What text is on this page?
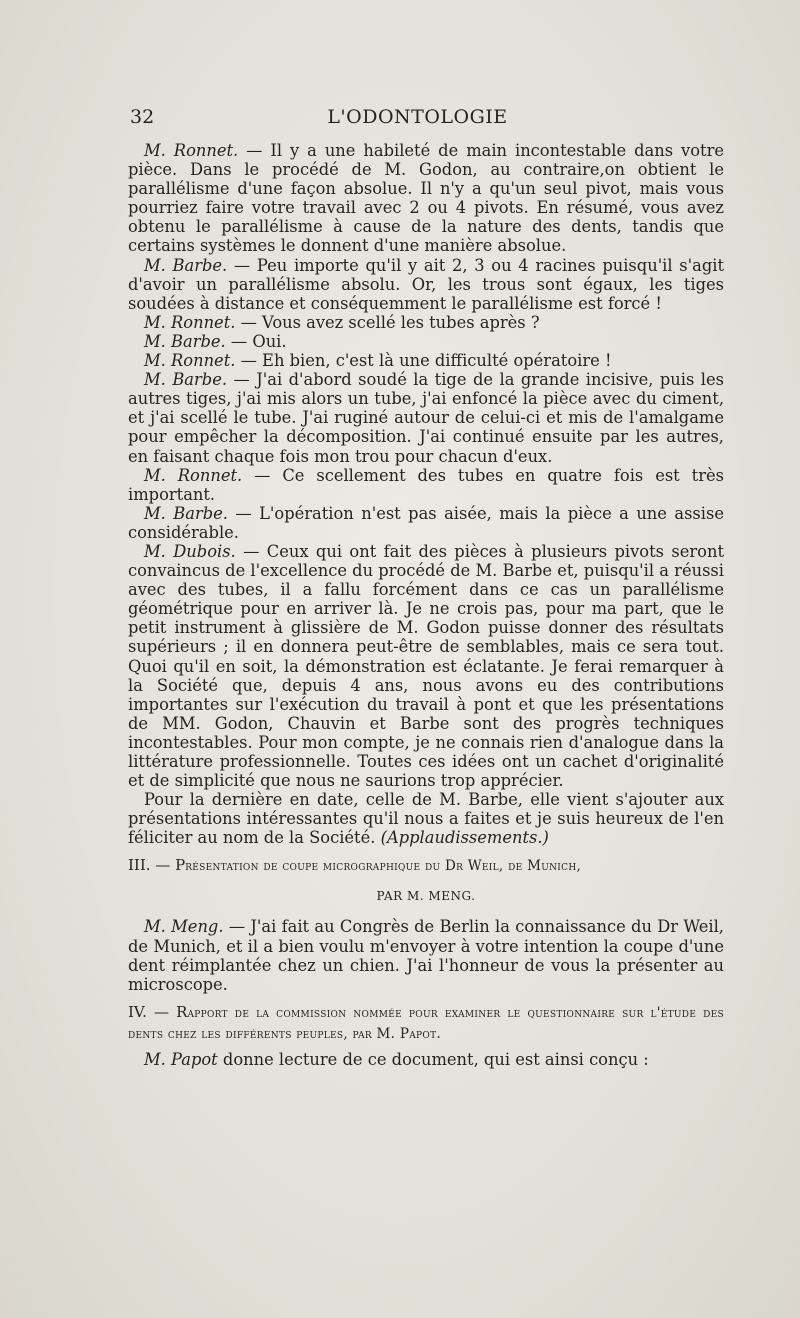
32	L'ODONTOLOGIE

M. Ronnet. — Il y a une habileté de main incontestable dans votre pièce. Dans le procédé de M. Godon, au contraire,on obtient le parallélisme d'une façon absolue. Il n'y a qu'un seul pivot, mais vous pourriez faire votre travail avec 2 ou 4 pivots. En résumé, vous avez obtenu le parallélisme à cause de la nature des dents, tandis que certains systèmes le donnent d'une manière absolue.

M. Barbe. — Peu importe qu'il y ait 2, 3 ou 4 racines puisqu'il s'agit d'avoir un parallélisme absolu. Or, les trous sont égaux, les tiges soudées à distance et conséquemment le parallélisme est forcé !

M. Ronnet. — Vous avez scellé les tubes après ?

M. Barbe. — Oui.

M. Ronnet. — Eh bien, c'est là une difficulté opératoire !

M. Barbe. — J'ai d'abord soudé la tige de la grande incisive, puis les autres tiges, j'ai mis alors un tube, j'ai enfoncé la pièce avec du ciment, et j'ai scellé le tube. J'ai ruginé autour de celui-ci et mis de l'amalgame pour empêcher la décomposition. J'ai continué ensuite par les autres, en faisant chaque fois mon trou pour chacun d'eux.

M. Ronnet. — Ce scellement des tubes en quatre fois est très important.

M. Barbe. — L'opération n'est pas aisée, mais la pièce a une assise considérable.

M. Dubois. — Ceux qui ont fait des pièces à plusieurs pivots seront convaincus de l'excellence du procédé de M. Barbe et, puisqu'il a réussi avec des tubes, il a fallu forcément dans ce cas un parallélisme géométrique pour en arriver là. Je ne crois pas, pour ma part, que le petit instrument à glissière de M. Godon puisse donner des résultats supérieurs ; il en donnera peut-être de semblables, mais ce sera tout. Quoi qu'il en soit, la démonstration est éclatante. Je ferai remarquer à la Société que, depuis 4 ans, nous avons eu des contributions importantes sur l'exécution du travail à pont et que les présentations de MM. Godon, Chauvin et Barbe sont des progrès techniques incontestables. Pour mon compte, je ne connais rien d'analogue dans la littérature professionnelle. Toutes ces idées ont un cachet d'originalité et de simplicité que nous ne saurions trop apprécier.

Pour la dernière en date, celle de M. Barbe, elle vient s'ajouter aux présentations intéressantes qu'il nous a faites et je suis heureux de l'en féliciter au nom de la Société. (Applaudissements.)

III. — Présentation de coupe micrographique du Dr Weil, de Munich,

PAR M. MENG.

M. Meng. — J'ai fait au Congrès de Berlin la connaissance du Dr Weil, de Munich, et il a bien voulu m'envoyer à votre intention la coupe d'une dent réimplantée chez un chien. J'ai l'honneur de vous la présenter au microscope.

IV. — Rapport de la commission nommée pour examiner le questionnaire sur l'étude des dents chez les différents peuples, par M. Papot.

M. Papot donne lecture de ce document, qui est ainsi conçu :
